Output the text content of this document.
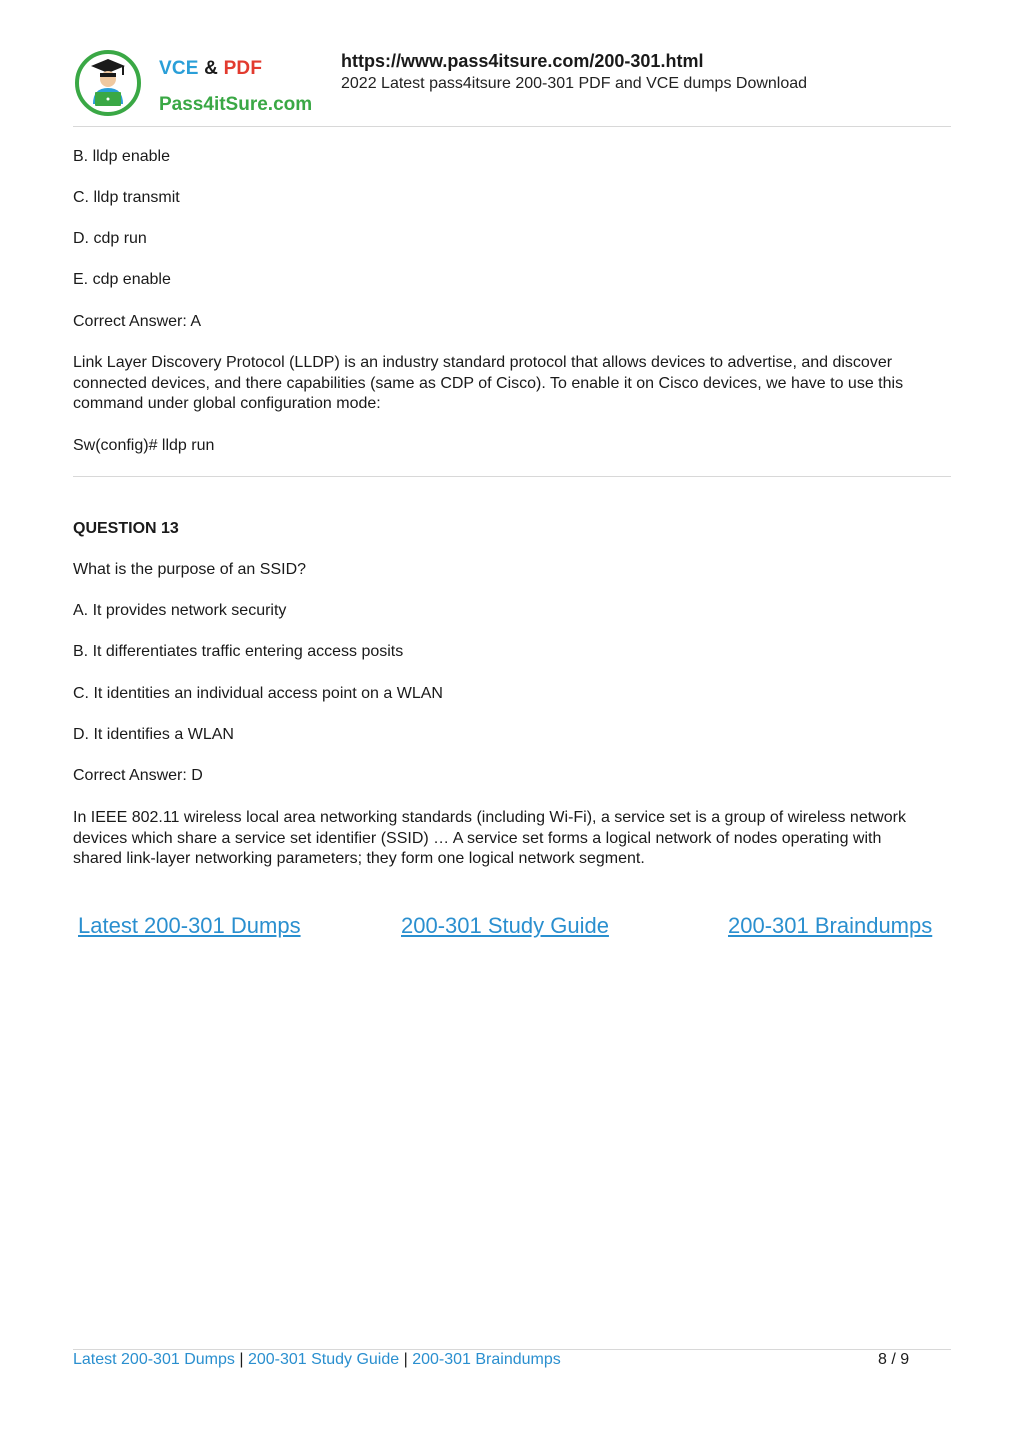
VCE & PDF
Pass4itSure.com
https://www.pass4itsure.com/200-301.html
2022 Latest pass4itsure 200-301 PDF and VCE dumps Download
B. lldp enable
C. lldp transmit
D. cdp run
E. cdp enable
Correct Answer: A
Link Layer Discovery Protocol (LLDP) is an industry standard protocol that allows devices to advertise, and discover
connected devices, and there capabilities (same as CDP of Cisco). To enable it on Cisco devices, we have to use this
command under global configuration mode:
Sw(config)# lldp run
QUESTION 13
What is the purpose of an SSID?
A. It provides network security
B. It differentiates traffic entering access posits
C. It identities an individual access point on a WLAN
D. It identifies a WLAN
Correct Answer: D
In IEEE 802.11 wireless local area networking standards (including Wi-Fi), a service set is a group of wireless network
devices which share a service set identifier (SSID) … A service set forms a logical network of nodes operating with
shared link-layer networking parameters; they form one logical network segment.
Latest 200-301 Dumps	200-301 Study Guide	200-301 Braindumps
Latest 200-301 Dumps | 200-301 Study Guide | 200-301 Braindumps	8 / 9
